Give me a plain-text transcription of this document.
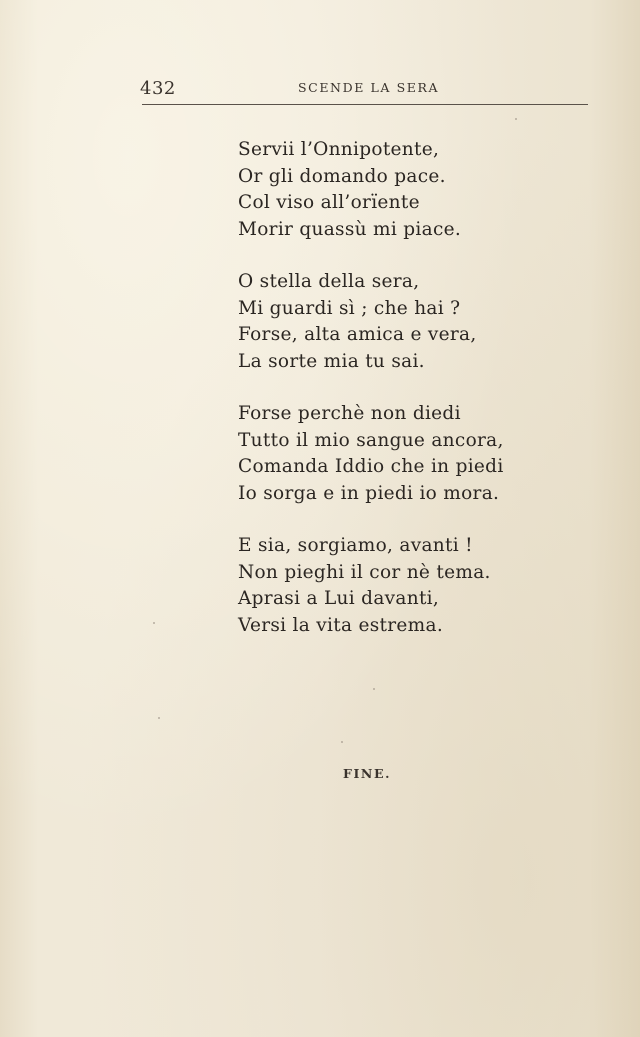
432	SCENDE LA SERA
Servii l’Onnipotente,
Or gli domando pace.
Col viso all’orïente
Morir quassù mi piace.
O stella della sera,
Mi guardi sì ; che hai ?
Forse, alta amica e vera,
La sorte mia tu sai.
Forse perchè non diedi
Tutto il mio sangue ancora,
Comanda Iddio che in piedi
Io sorga e in piedi io mora.
E sia, sorgiamo, avanti !
Non pieghi il cor nè tema.
Aprasi a Lui davanti,
Versi la vita estrema.
FINE.
